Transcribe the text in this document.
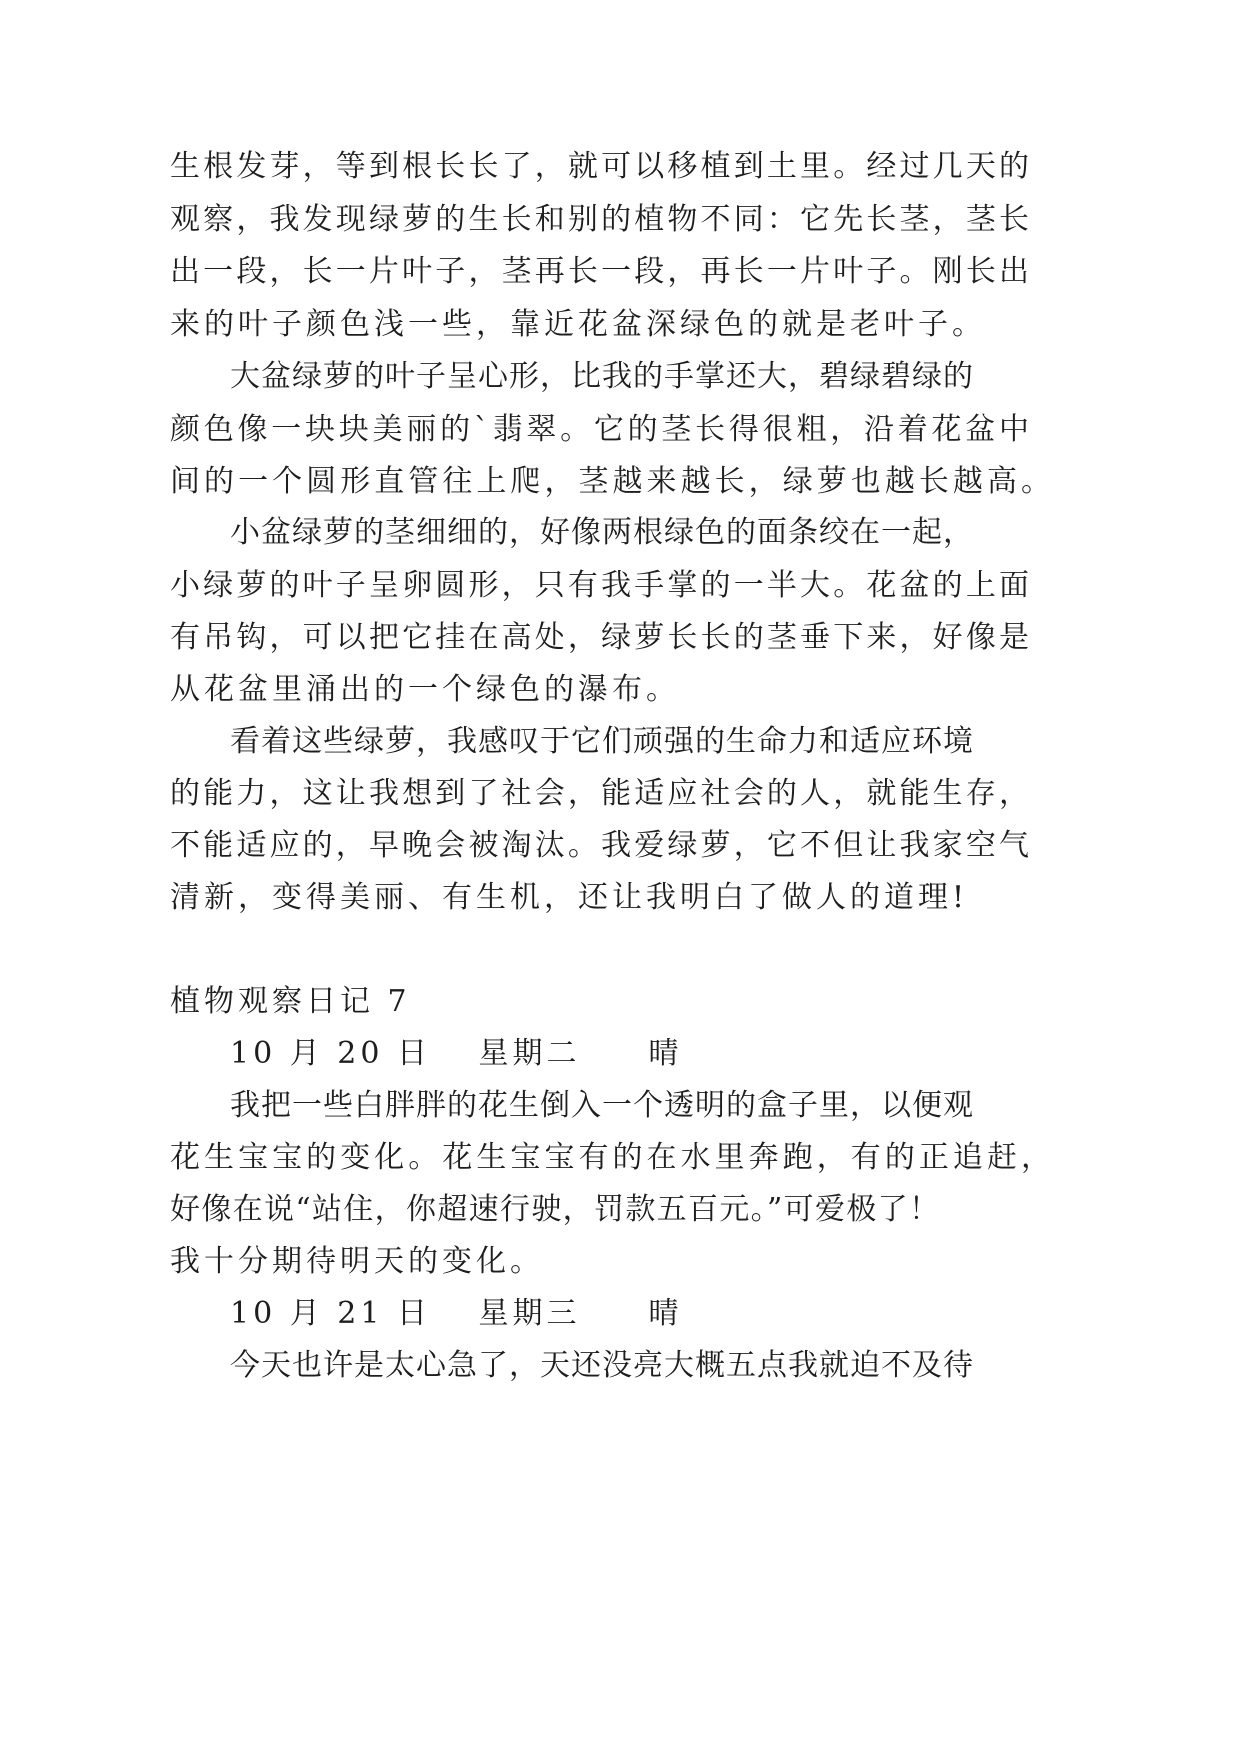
生根发芽，等到根长长了，就可以移植到土里。经过几天的
观察，我发现绿萝的生长和别的植物不同：它先长茎，茎长
出一段，长一片叶子，茎再长一段，再长一片叶子。刚长出
来的叶子颜色浅一些，靠近花盆深绿色的就是老叶子。
大盆绿萝的叶子呈心形，比我的手掌还大，碧绿碧绿的
颜色像一块块美丽的`翡翠。它的茎长得很粗，沿着花盆中
间的一个圆形直管往上爬，茎越来越长，绿萝也越长越高。
小盆绿萝的茎细细的，好像两根绿色的面条绞在一起，
小绿萝的叶子呈卵圆形，只有我手掌的一半大。花盆的上面
有吊钩，可以把它挂在高处，绿萝长长的茎垂下来，好像是
从花盆里涌出的一个绿色的瀑布。
看着这些绿萝，我感叹于它们顽强的生命力和适应环境
的能力，这让我想到了社会，能适应社会的人，就能生存，
不能适应的，早晚会被淘汰。我爱绿萝，它不但让我家空气
清新，变得美丽、有生机，还让我明白了做人的道理!
植物观察日记 7
10 月 20 日　 星期二　　晴
我把一些白胖胖的花生倒入一个透明的盒子里，以便观
花生宝宝的变化。花生宝宝有的在水里奔跑，有的正追赶，
好像在说“站住，你超速行驶，罚款五百元。”可爱极了！
我十分期待明天的变化。
10 月 21 日　 星期三　　晴
今天也许是太心急了，天还没亮大概五点我就迫不及待
